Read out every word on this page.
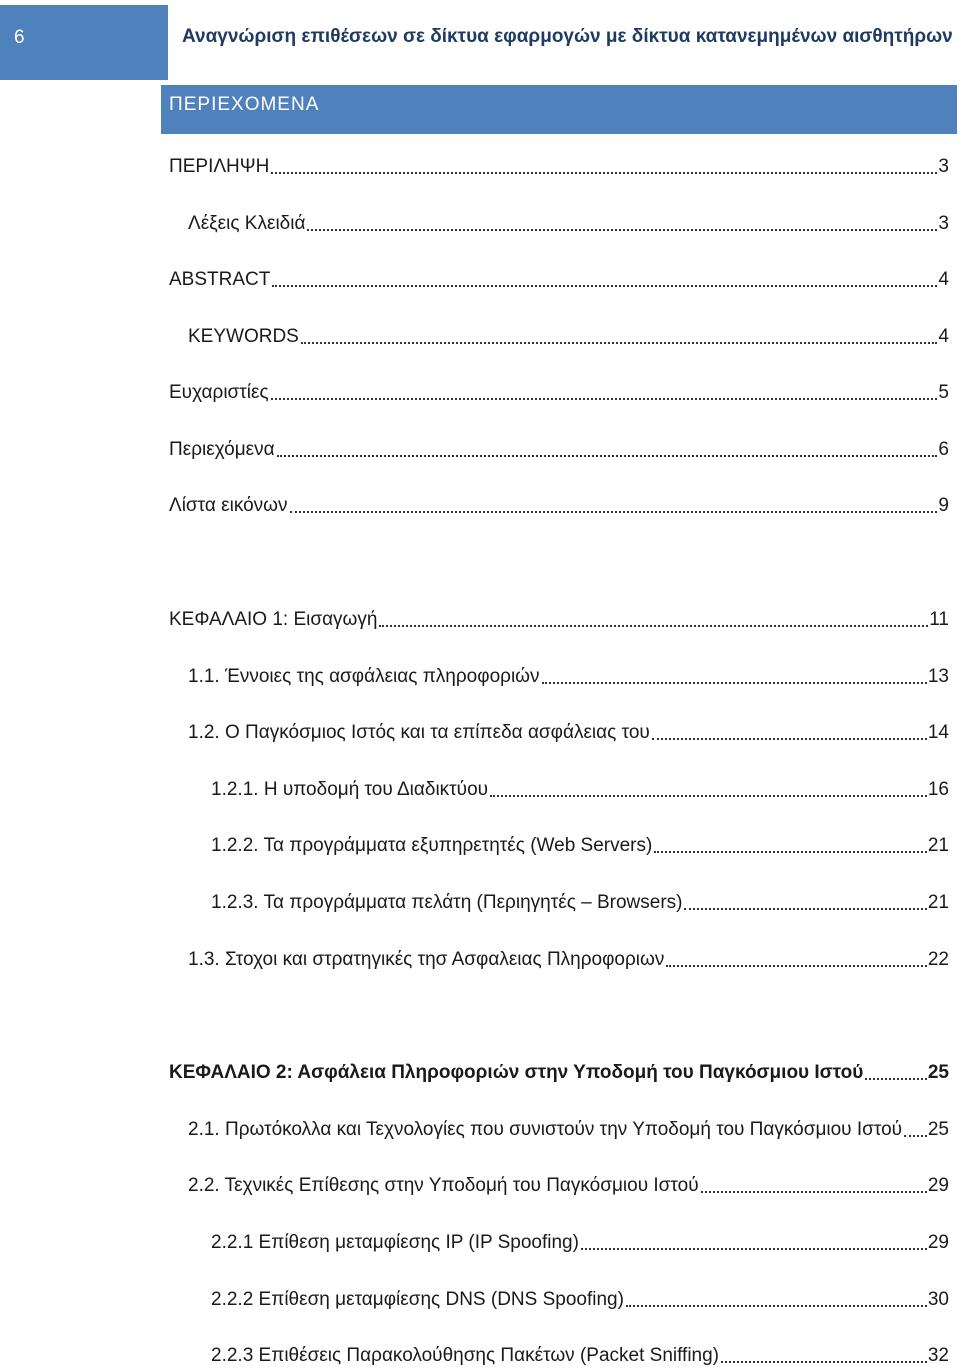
6	Αναγνώριση επιθέσεων σε δίκτυα εφαρμογών με δίκτυα κατανεμημένων αισθητήρων
ΠΕΡΙΕΧΟΜΕΝΑ
ΠΕΡΙΛΗΨΗ	3
Λέξεις Κλειδιά	3
ABSTRACT	4
KEYWORDS	4
Ευχαριστίες	5
Περιεχόμενα	6
Λίστα εικόνων	9
ΚΕΦΑΛΑΙΟ 1: Εισαγωγή	11
1.1. Έννοιες της ασφάλειας πληροφοριών	13
1.2. Ο Παγκόσμιος Ιστός και τα επίπεδα ασφάλειας του	14
1.2.1. Η υποδομή του Διαδικτύου	16
1.2.2. Τα προγράμματα εξυπηρετητές (Web Servers)	21
1.2.3. Τα προγράμματα πελάτη (Περιηγητές – Browsers)	21
1.3. Στοχοι και στρατηγικές τησ Ασφαλειας Πληροφοριων	22
ΚΕΦΑΛΑΙΟ 2: Ασφάλεια Πληροφοριών στην Υποδομή του Παγκόσμιου Ιστού	25
2.1. Πρωτόκολλα και Τεχνολογίες που συνιστούν την Υποδομή του Παγκόσμιου Ιστού 25
2.2. Τεχνικές Επίθεσης στην Υποδομή του Παγκόσμιου Ιστού	29
2.2.1 Επίθεση μεταμφίεσης IP (IP Spoofing)	29
2.2.2 Επίθεση μεταμφίεσης DNS (DNS Spoofing)	30
2.2.3 Επιθέσεις Παρακολούθησης Πακέτων (Packet Sniffing)	32
